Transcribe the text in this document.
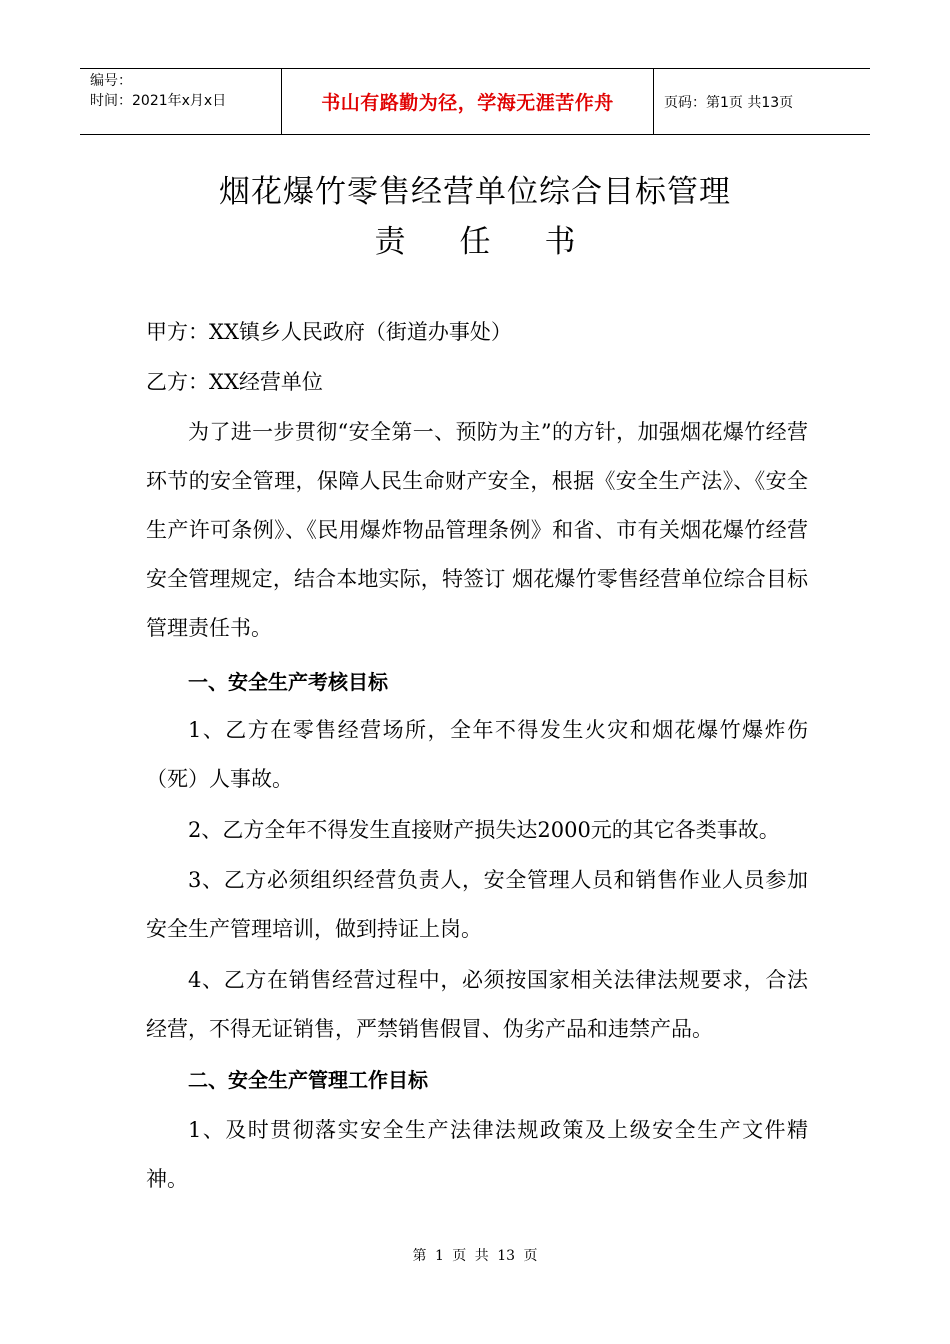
编号：
时间：2021年x月x日	书山有路勤为径，学海无涯苦作舟	页码：第1页 共13页
烟花爆竹零售经营单位综合目标管理
责 任 书

甲方：XX镇乡人民政府（街道办事处）

乙方：XX经营单位

为了进一步贯彻“安全第一、预防为主”的方针，加强烟花爆竹经营环节的安全管理，保障人民生命财产安全，根据《安全生产法》、《安全生产许可条例》、《民用爆炸物品管理条例》和省、市有关烟花爆竹经营安全管理规定，结合本地实际，特签订 烟花爆竹零售经营单位综合目标管理责任书。

一、安全生产考核目标

1、乙方在零售经营场所，全年不得发生火灾和烟花爆竹爆炸伤（死）人事故。

2、乙方全年不得发生直接财产损失达2000元的其它各类事故。

3、乙方必须组织经营负责人，安全管理人员和销售作业人员参加安全生产管理培训，做到持证上岗。

4、乙方在销售经营过程中，必须按国家相关法律法规要求，合法经营，不得无证销售，严禁销售假冒、伪劣产品和违禁产品。

二、安全生产管理工作目标

1、及时贯彻落实安全生产法律法规政策及上级安全生产文件精神。

第 1 页 共 13 页
